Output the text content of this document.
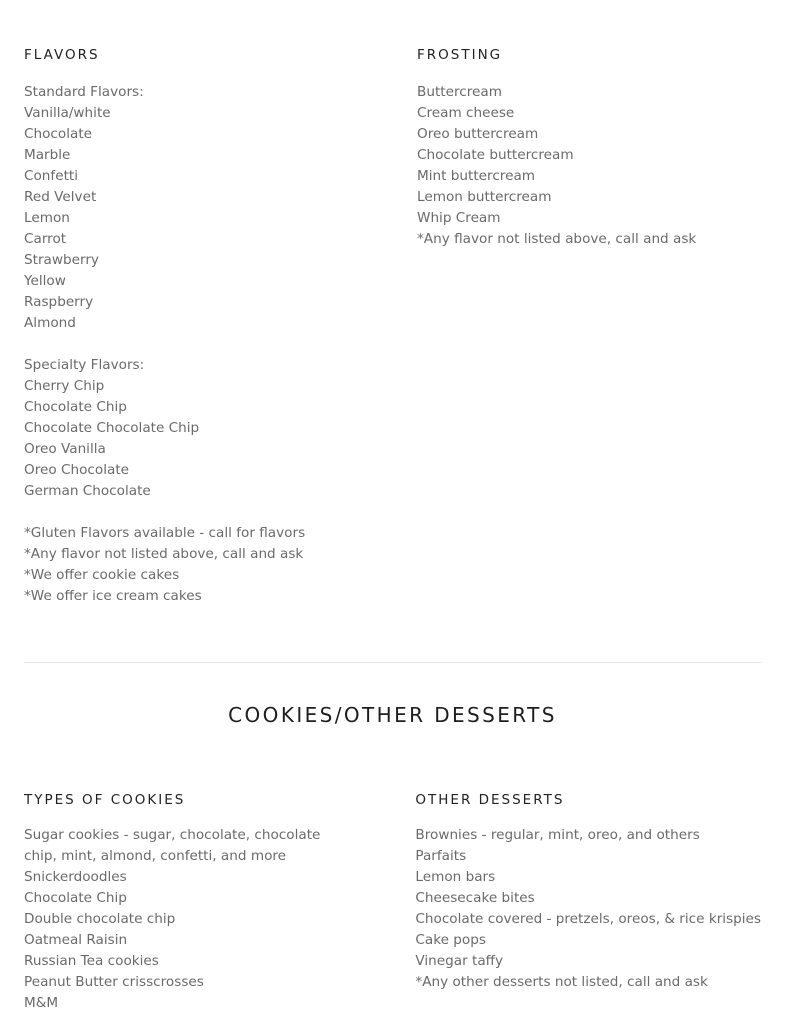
FLAVORS
Standard Flavors:
Vanilla/white
Chocolate
Marble
Confetti
Red Velvet
Lemon
Carrot
Strawberry
Yellow
Raspberry
Almond
Specialty Flavors:
Cherry Chip
Chocolate Chip
Chocolate Chocolate Chip
Oreo Vanilla
Oreo Chocolate
German Chocolate
*Gluten Flavors available - call for flavors
*Any flavor not listed above, call and ask
*We offer cookie cakes
*We offer ice cream cakes
FROSTING
Buttercream
Cream cheese
Oreo buttercream
Chocolate buttercream
Mint buttercream
Lemon buttercream
Whip Cream
*Any flavor not listed above, call and ask
COOKIES/OTHER DESSERTS
TYPES OF COOKIES
Sugar cookies - sugar, chocolate, chocolate chip, mint, almond, confetti, and more
Snickerdoodles
Chocolate Chip
Double chocolate chip
Oatmeal Raisin
Russian Tea cookies
Peanut Butter crisscrosses
M&M
OTHER DESSERTS
Brownies - regular, mint, oreo, and others
Parfaits
Lemon bars
Cheesecake bites
Chocolate covered - pretzels, oreos, & rice krispies
Cake pops
Vinegar taffy
*Any other desserts not listed, call and ask
